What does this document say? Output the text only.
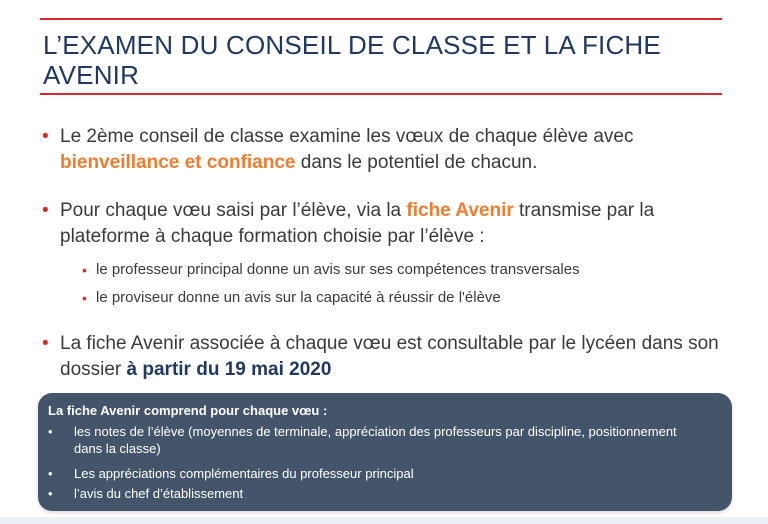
L’EXAMEN DU CONSEIL DE CLASSE ET LA FICHE AVENIR
• Le 2ème conseil de classe examine les vœux de chaque élève avec bienveillance et confiance dans le potentiel de chacun.
• Pour chaque vœu saisi par l’élève, via la fiche Avenir transmise par la plateforme à chaque formation choisie par l’élève :
• le professeur principal donne un avis sur ses compétences transversales
• le proviseur donne un avis sur la capacité à réussir de l'élève
• La fiche Avenir associée à chaque vœu est consultable par le lycéen dans son dossier à partir du 19 mai 2020
La fiche Avenir comprend pour chaque vœu :
• les notes de l’élève (moyennes de terminale, appréciation des professeurs par discipline, positionnement dans la classe)
• Les appréciations complémentaires du professeur principal
• l’avis du chef d’établissement
